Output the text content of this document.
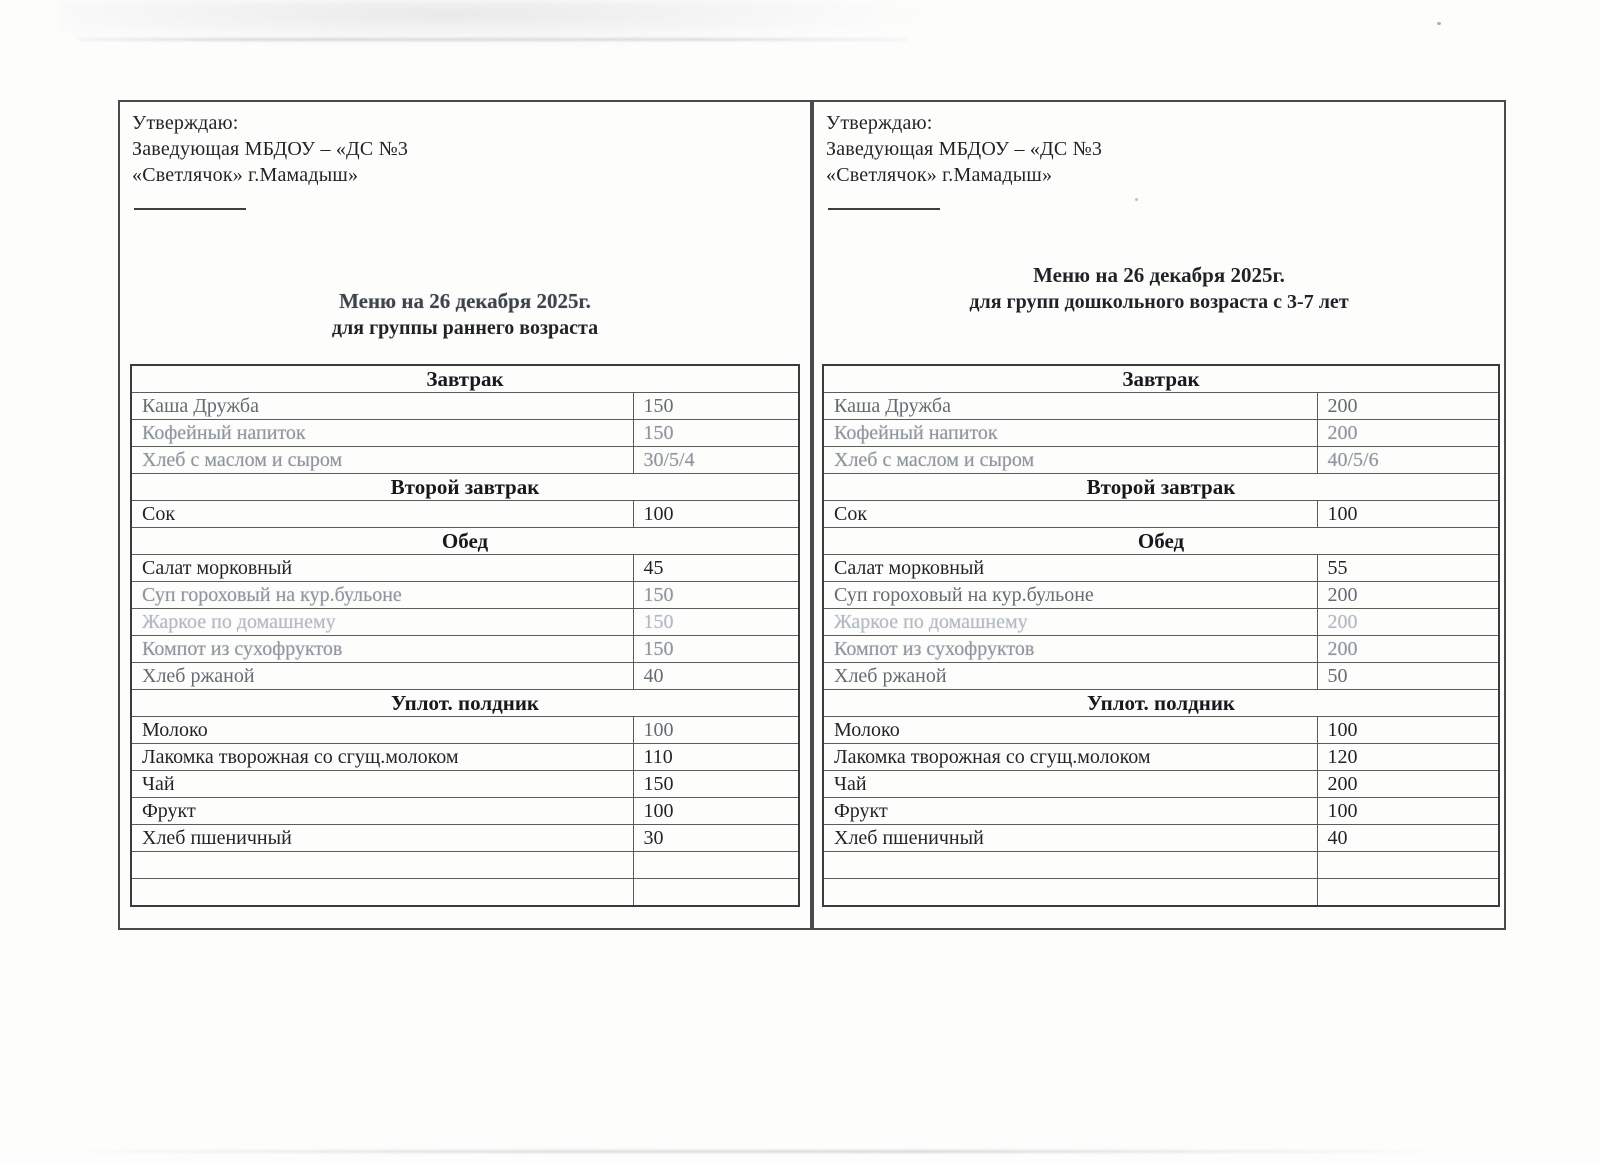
Утверждаю:
Заведующая МБДОУ – «ДС №3
«Светлячок» г.Мамадыш»
Меню на 26 декабря 2025г.
для группы раннего возраста
Завтрак	
Каша Дружба	150
Кофейный напиток	150
Хлеб с маслом и сыром	30/5/4
Второй завтрак	
Сок	100
Обед	
Салат морковный	45
Суп гороховый на кур.бульоне	150
Жаркое по домашнему	150
Компот из сухофруктов	150
Хлеб ржаной	40
Уплот. полдник	
Молоко	100
Лакомка творожная со сгущ.молоком	110
Чай	150
Фрукт	100
Хлеб пшеничный	30

Утверждаю:
Заведующая МБДОУ – «ДС №3
«Светлячок» г.Мамадыш»
Меню на 26 декабря 2025г.
для групп дошкольного возраста с 3-7 лет
Завтрак	
Каша Дружба	200
Кофейный напиток	200
Хлеб с маслом и сыром	40/5/6
Второй завтрак	
Сок	100
Обед	
Салат морковный	55
Суп гороховый на кур.бульоне	200
Жаркое по домашнему	200
Компот из сухофруктов	200
Хлеб ржаной	50
Уплот. полдник	
Молоко	100
Лакомка творожная со сгущ.молоком	120
Чай	200
Фрукт	100
Хлеб пшеничный	40
